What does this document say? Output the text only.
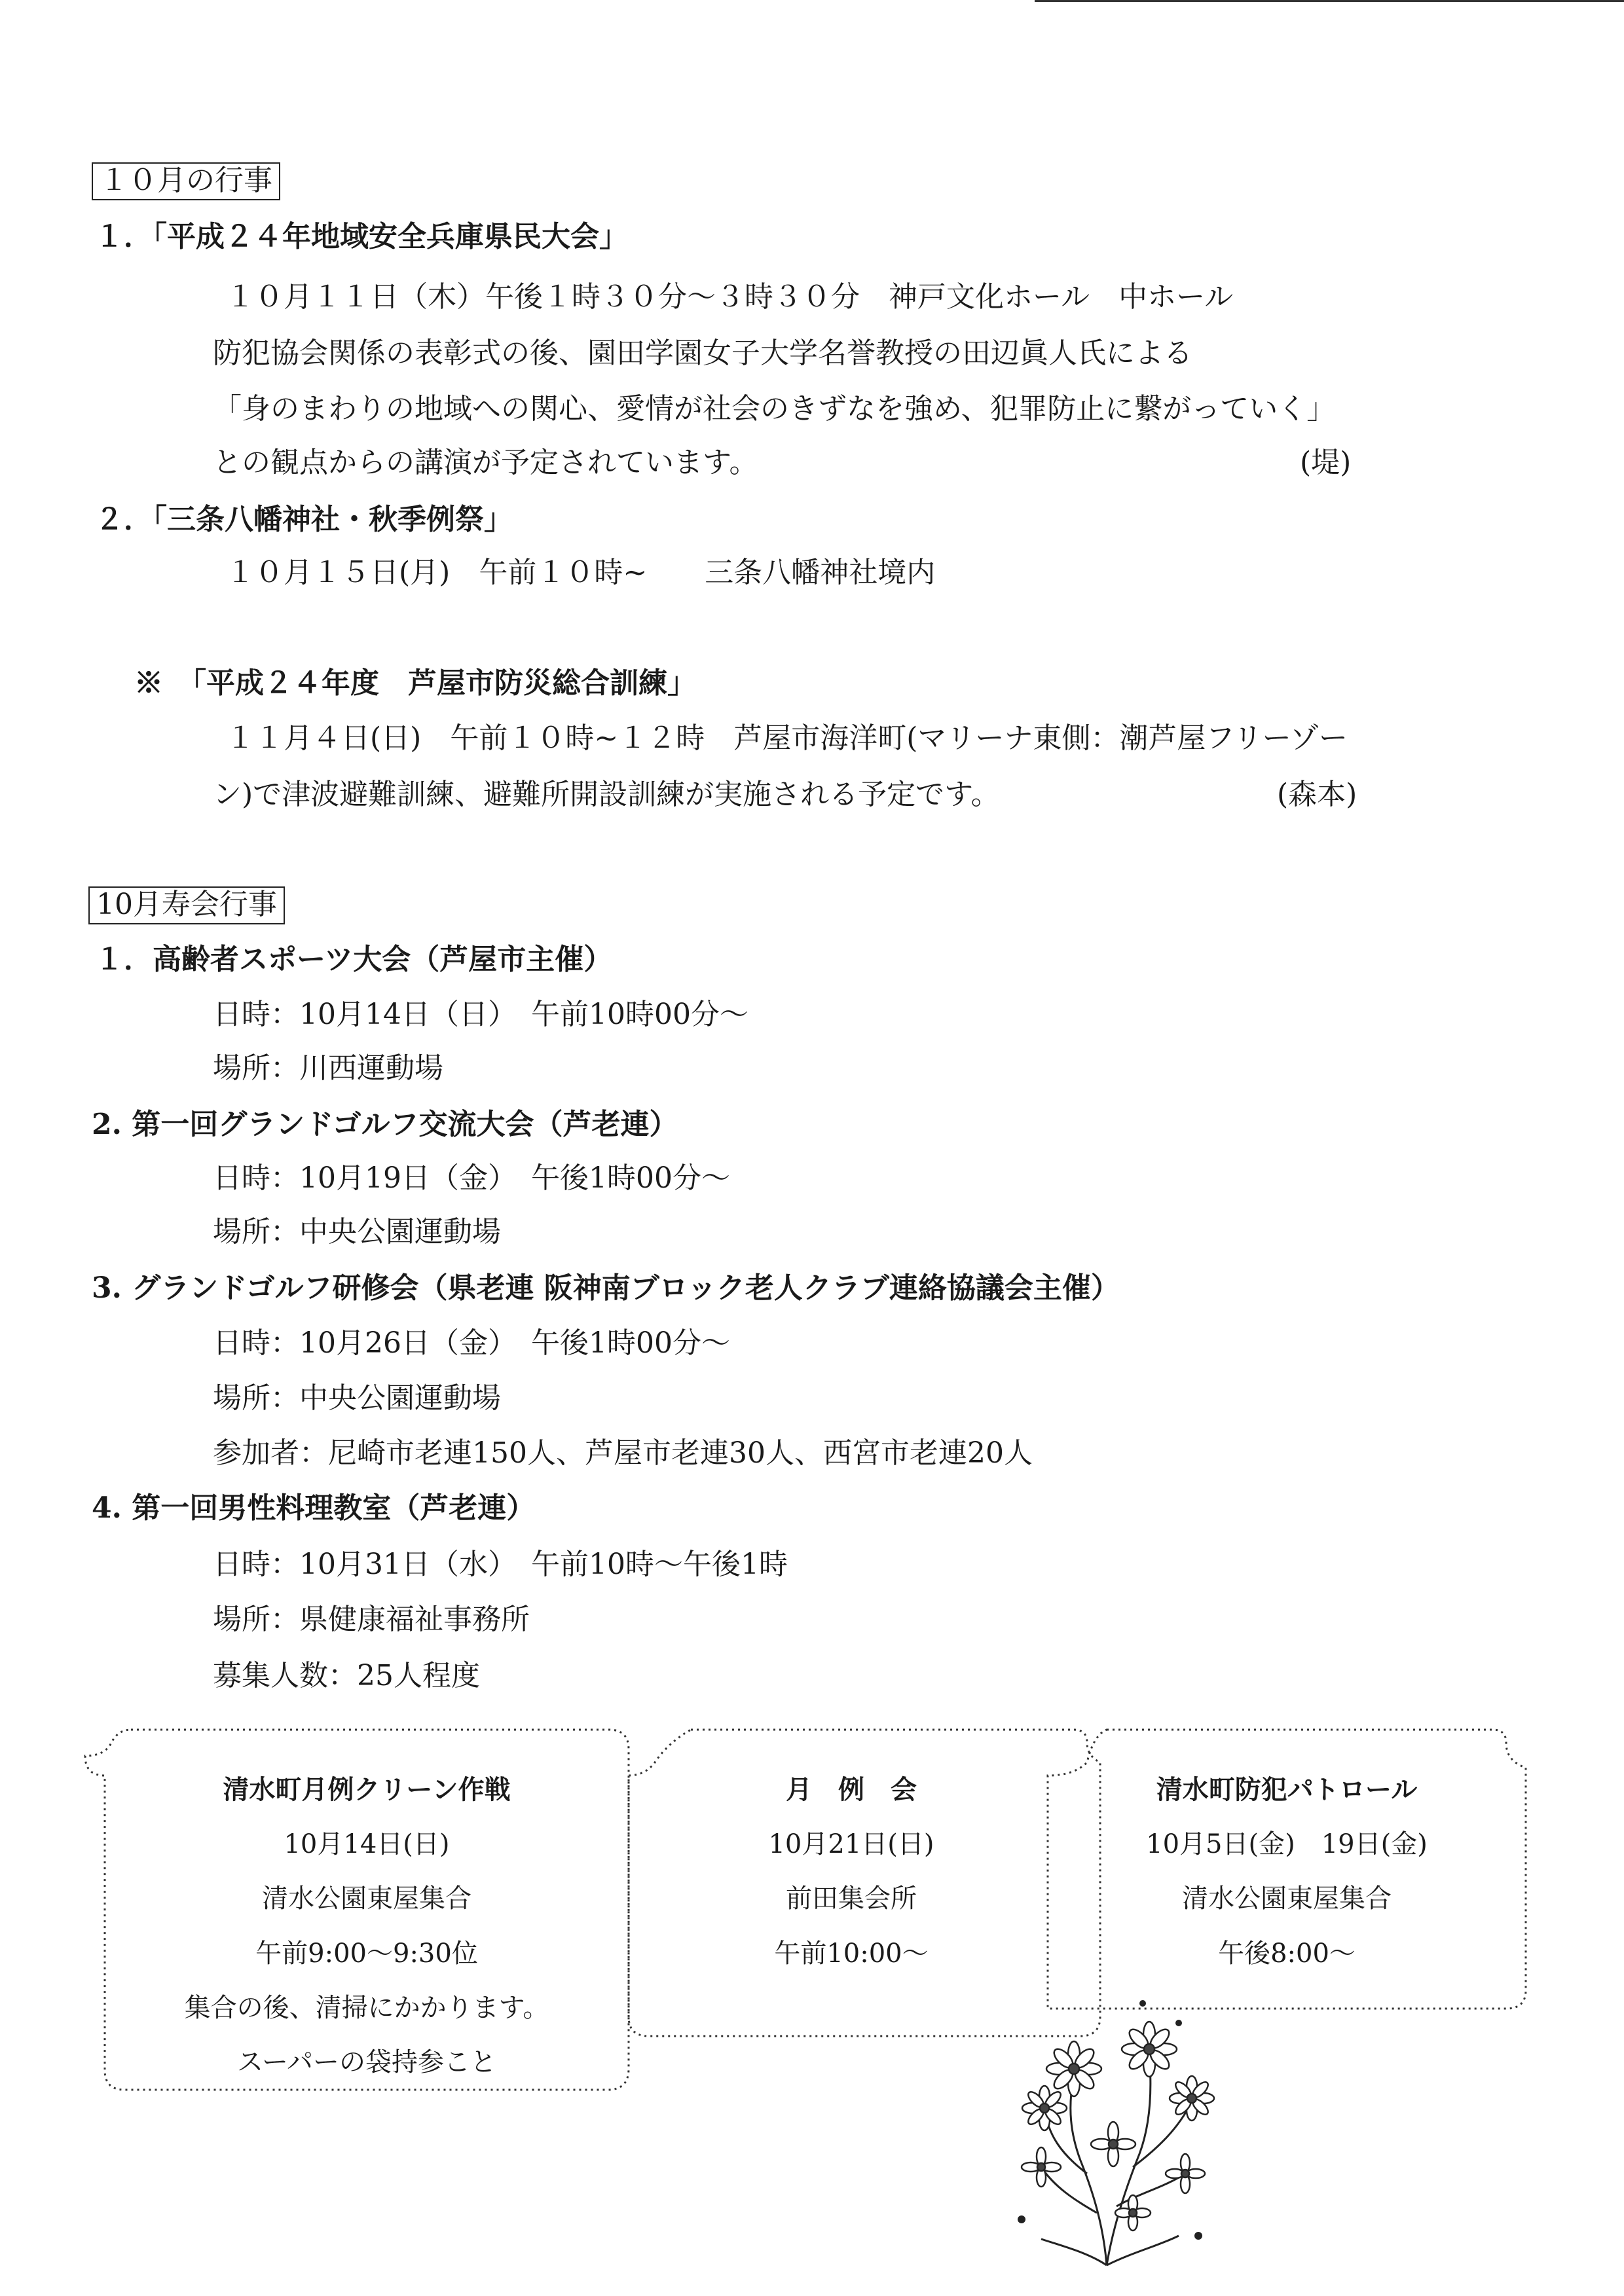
１０月の行事
１．「平成２４年地域安全兵庫県民大会」
１０月１１日（木）午後１時３０分～３時３０分　神戸文化ホール　中ホール
防犯協会関係の表彰式の後、園田学園女子大学名誉教授の田辺眞人氏による
「身のまわりの地域への関心、愛情が社会のきずなを強め、犯罪防止に繋がっていく」
との観点からの講演が予定されています。	(堤)
２．「三条八幡神社・秋季例祭」
１０月１５日(月)　午前１０時~　　三条八幡神社境内
※　「平成２４年度　芦屋市防災総合訓練」
１１月４日(日)　午前１０時~１２時　芦屋市海洋町(マリーナ東側：潮芦屋フリーゾー
ン)で津波避難訓練、避難所開設訓練が実施される予定です。	(森本)
10月寿会行事
１．高齢者スポーツ大会（芦屋市主催）
日時：10月14日（日）　午前10時00分～
場所：川西運動場
2. 第一回グランドゴルフ交流大会（芦老連）
日時：10月19日（金）　午後1時00分～
場所：中央公園運動場
3. グランドゴルフ研修会（県老連 阪神南ブロック老人クラブ連絡協議会主催）
日時：10月26日（金）　午後1時00分～
場所：中央公園運動場
参加者：尼崎市老連150人、芦屋市老連30人、西宮市老連20人
4. 第一回男性料理教室（芦老連）
日時：10月31日（水）　午前10時～午後1時
場所：県健康福祉事務所
募集人数：25人程度
清水町月例クリーン作戦
10月14日(日)
清水公園東屋集合
午前9:00～9:30位
集合の後、清掃にかかります。
スーパーの袋持参こと
月　例　会
10月21日(日)
前田集会所
午前10:00～
清水町防犯パトロール
10月5日(金)　19日(金)
清水公園東屋集合
午後8:00～
